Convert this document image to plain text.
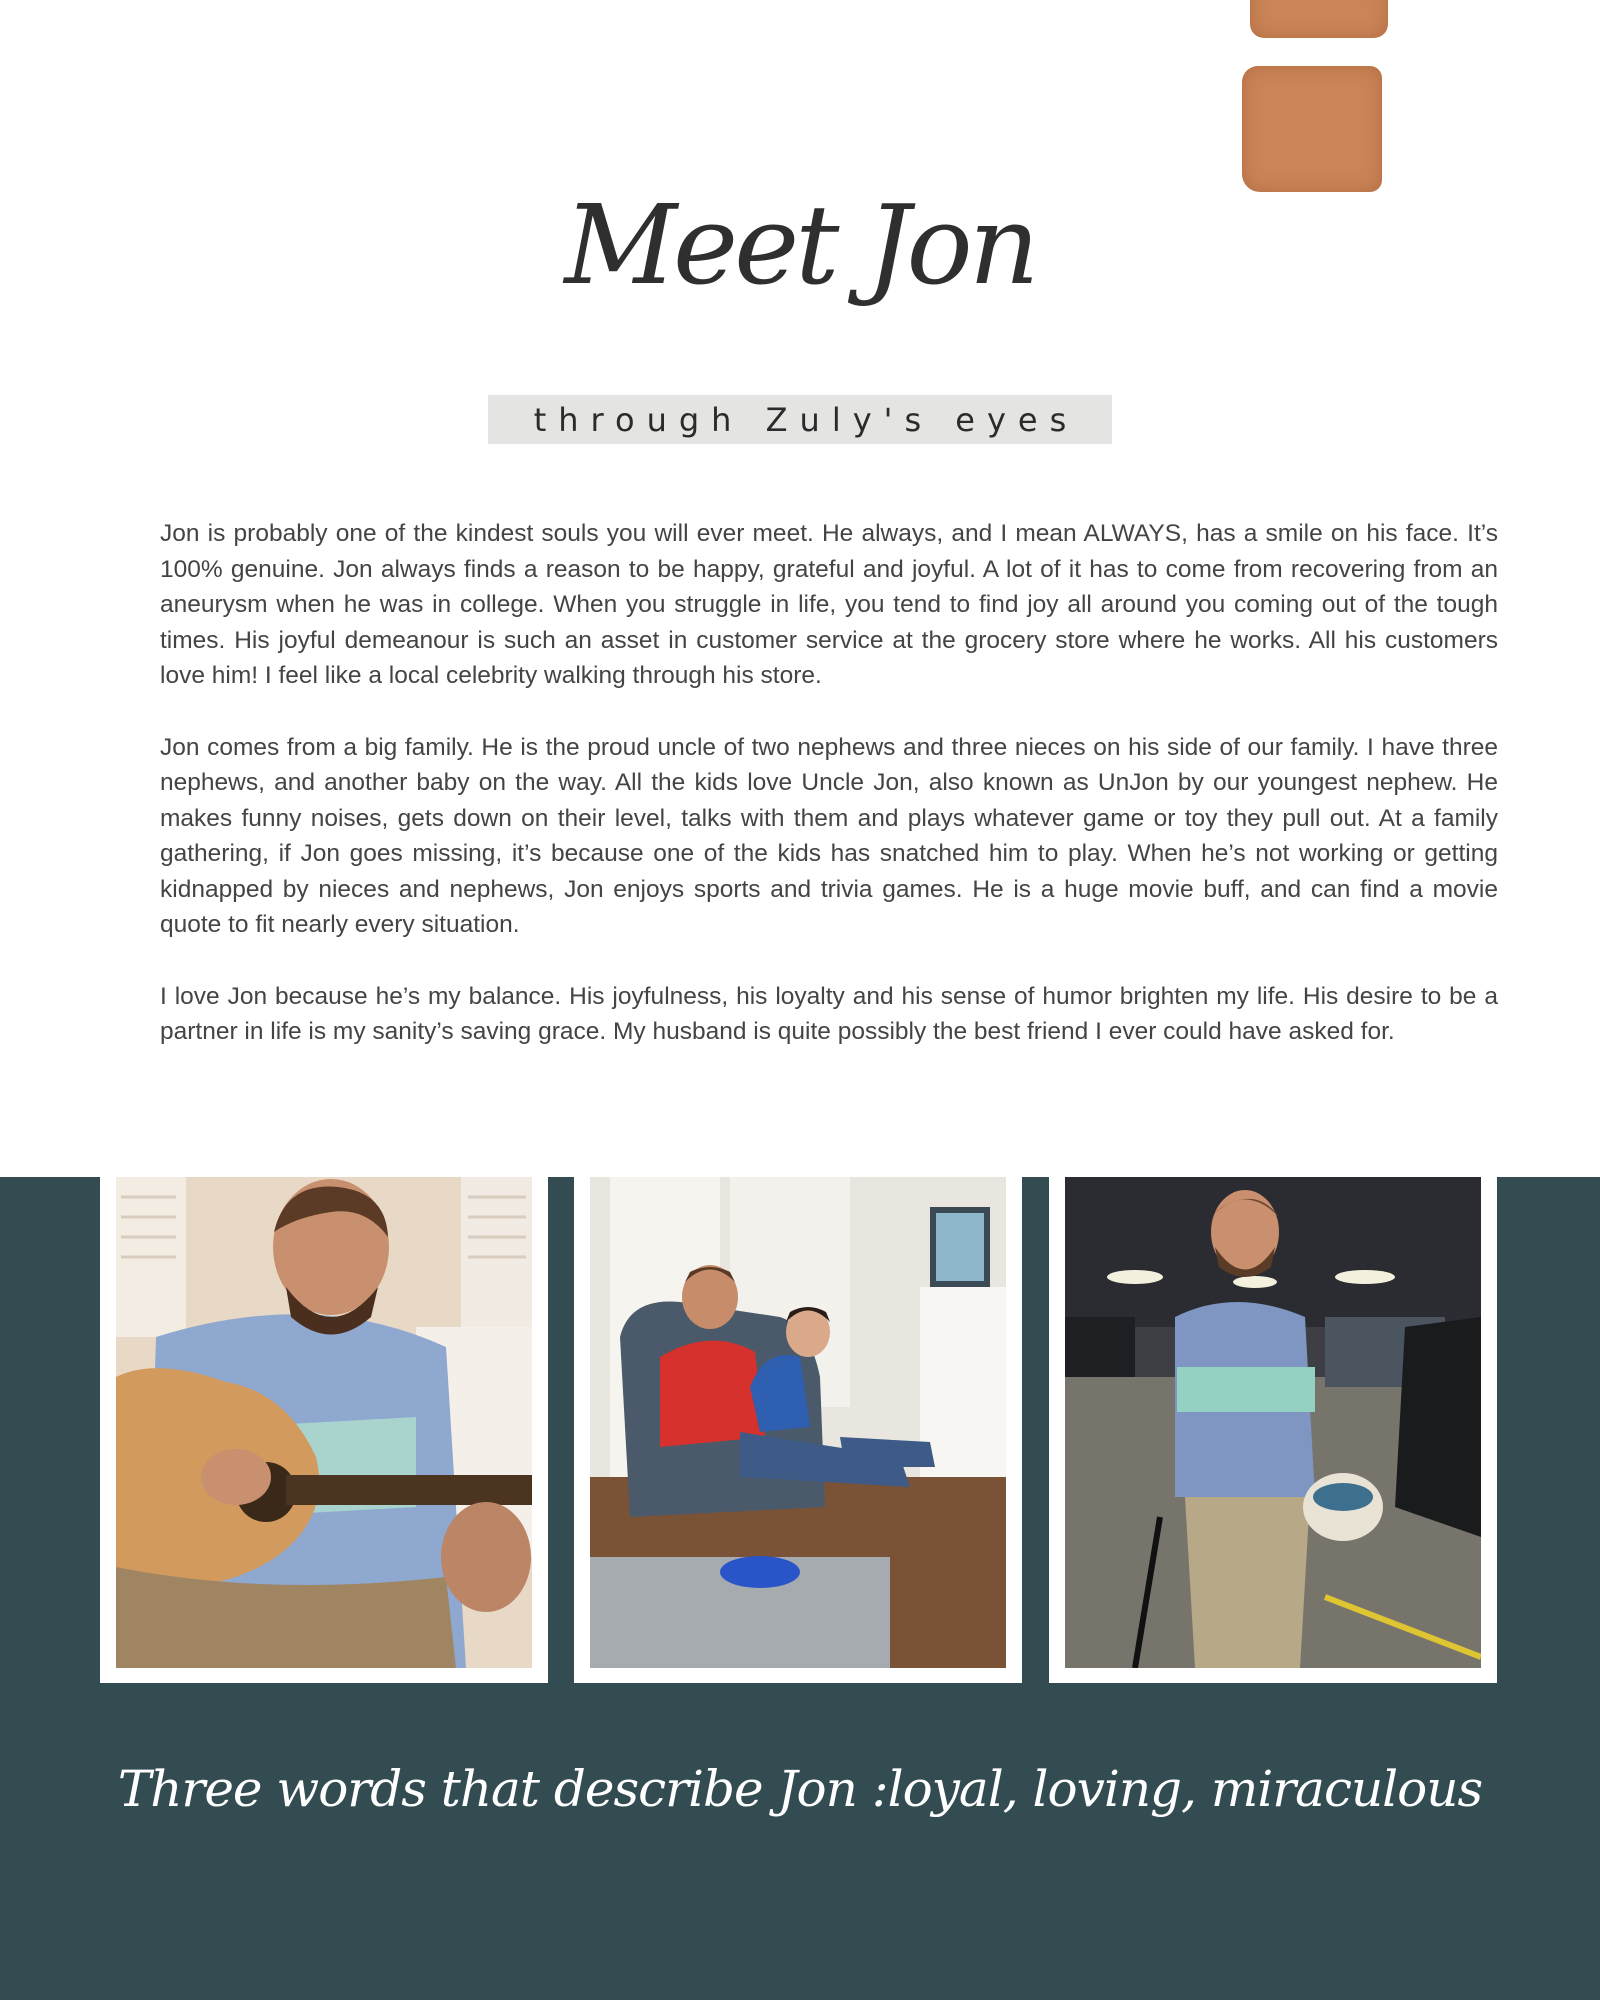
Meet Jon
through Zuly's eyes

Jon is probably one of the kindest souls you will ever meet. He always, and I mean ALWAYS, has a smile on his face. It’s 100% genuine. Jon always finds a reason to be happy, grateful and joyful. A lot of it has to come from recovering from an aneurysm when he was in college. When you struggle in life, you tend to find joy all around you coming out of the tough times. His joyful demeanour is such an asset in customer service at the grocery store where he works. All his customers love him! I feel like a local celebrity walking through his store.

Jon comes from a big family. He is the proud uncle of two nephews and three nieces on his side of our family. I have three nephews, and another baby on the way. All the kids love Uncle Jon, also known as UnJon by our youngest nephew. He makes funny noises, gets down on their level, talks with them and plays whatever game or toy they pull out. At a family gathering, if Jon goes missing, it’s because one of the kids has snatched him to play. When he’s not working or getting kidnapped by nieces and nephews, Jon enjoys sports and trivia games. He is a huge movie buff, and can find a movie quote to fit nearly every situation.

I love Jon because he’s my balance. His joyfulness, his loyalty and his sense of humor brighten my life. His desire to be a partner in life is my sanity’s saving grace. My husband is quite possibly the best friend I ever could have asked for.

Three words that describe Jon :loyal, loving, miraculous
